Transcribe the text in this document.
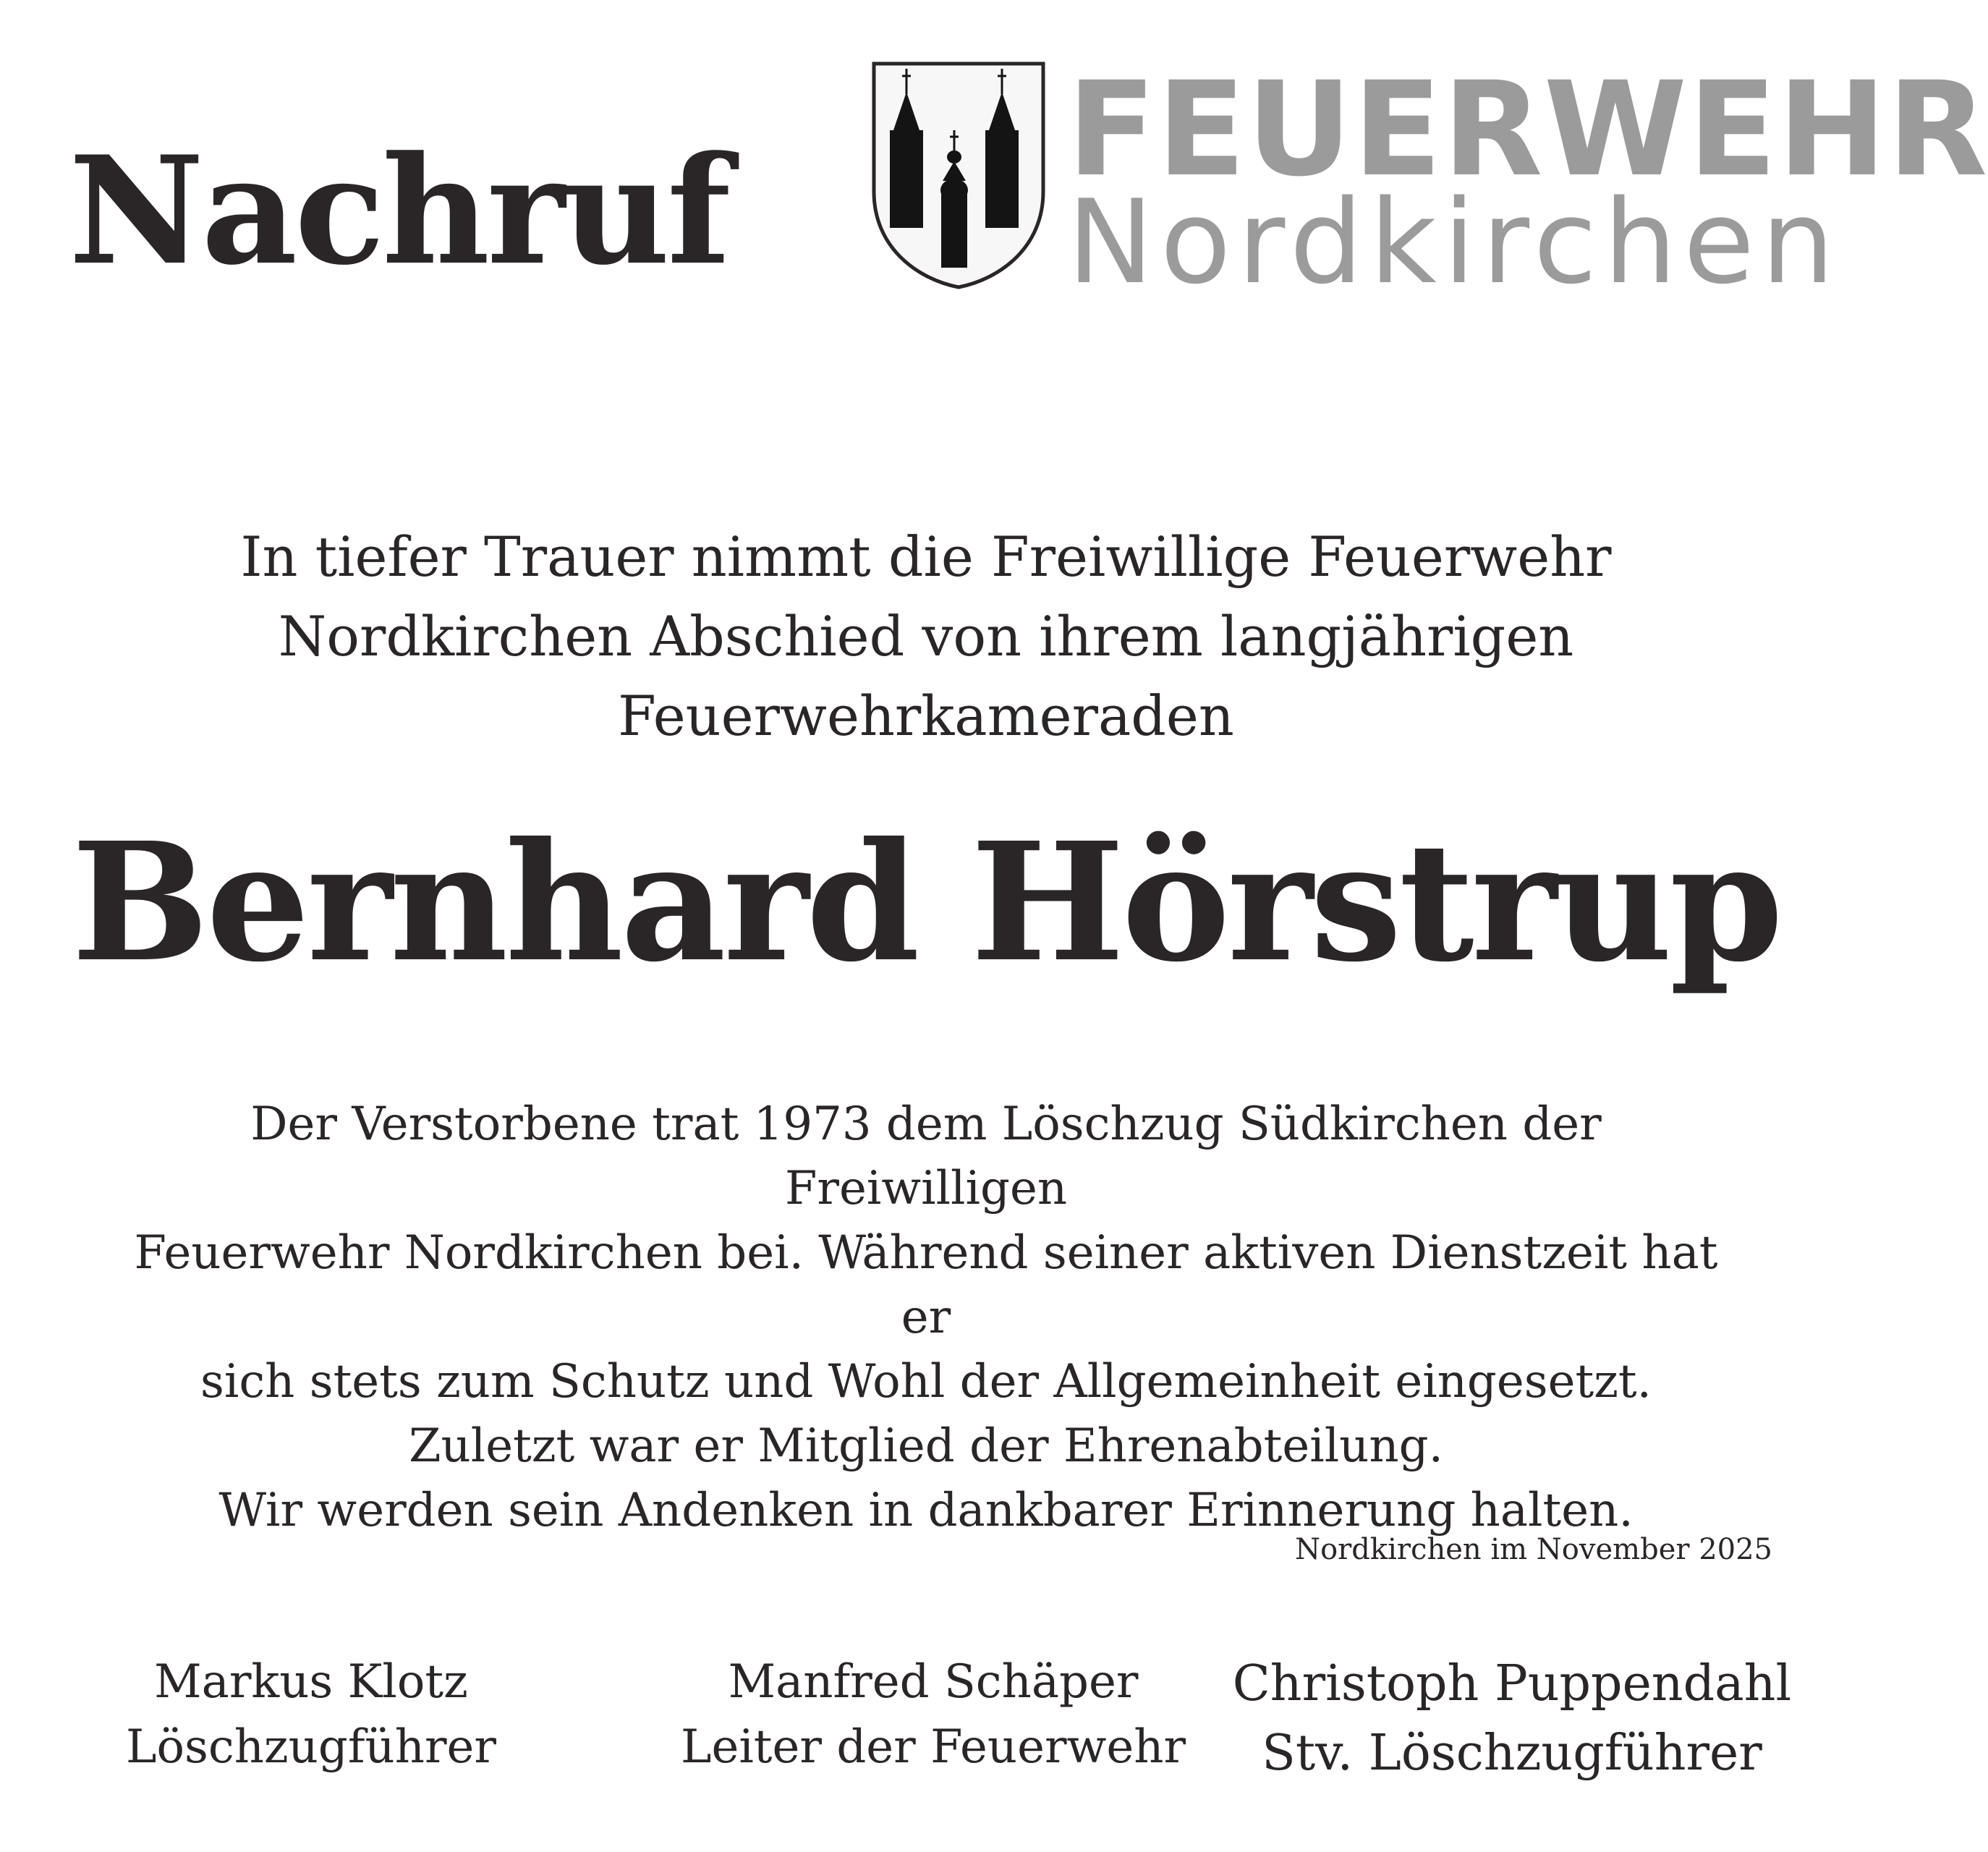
Nachruf	FEUERWEHR
Nordkirchen

In tiefer Trauer nimmt die Freiwillige Feuerwehr
Nordkirchen Abschied von ihrem langjährigen
Feuerwehrkameraden

Bernhard Hörstrup

Der Verstorbene trat 1973 dem Löschzug Südkirchen der Freiwilligen
Feuerwehr Nordkirchen bei. Während seiner aktiven Dienstzeit hat er
sich stets zum Schutz und Wohl der Allgemeinheit eingesetzt.
Zuletzt war er Mitglied der Ehrenabteilung.
Wir werden sein Andenken in dankbarer Erinnerung halten.

Nordkirchen im November 2025
Markus Klotz
Löschzugführer
Manfred Schäper
Leiter der Feuerwehr
Christoph Puppendahl
Stv. Löschzugführer
